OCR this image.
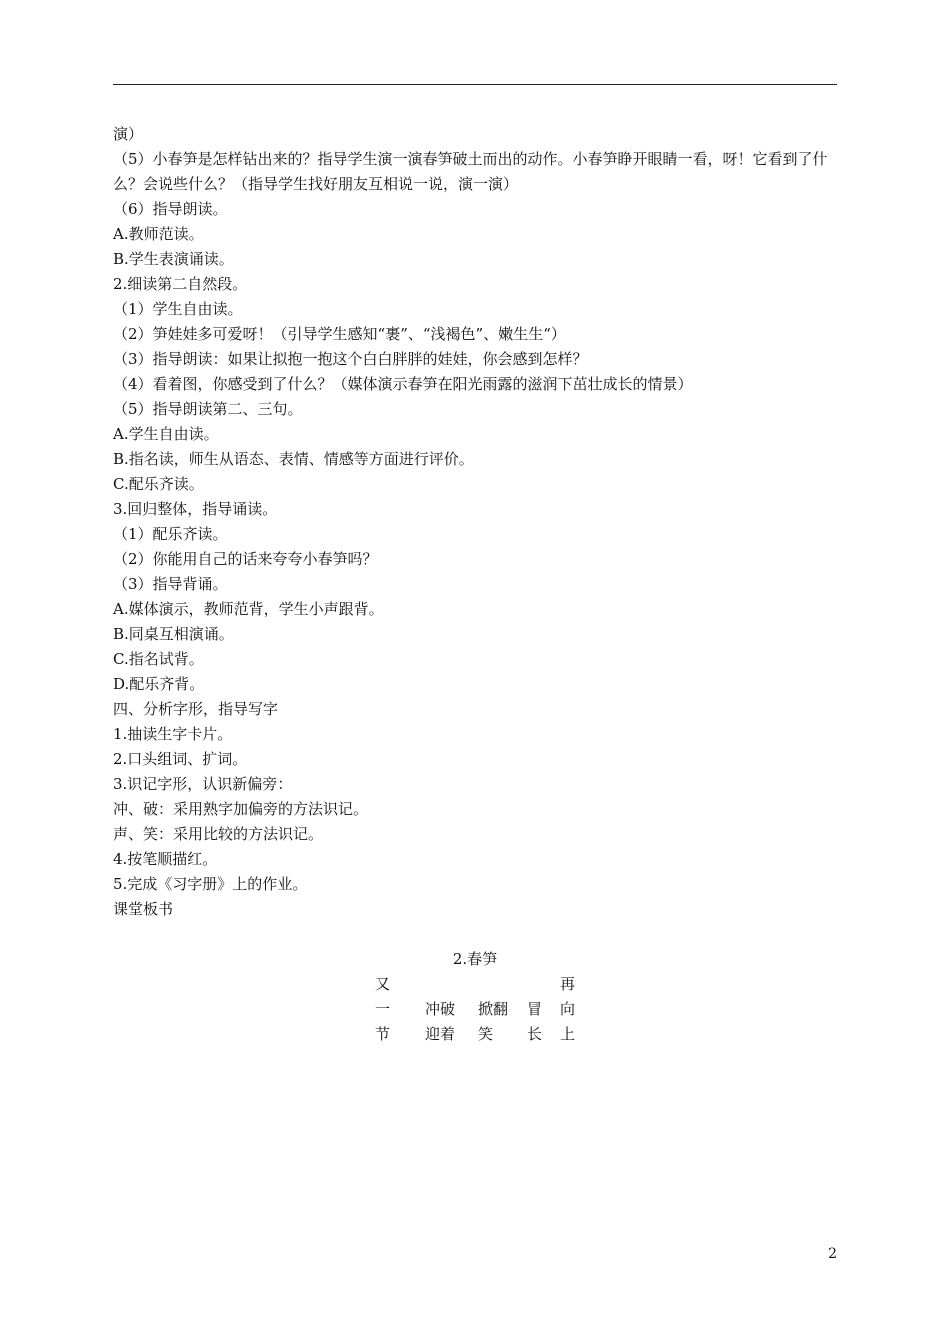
演）
（5）小春笋是怎样钻出来的？指导学生演一演春笋破土而出的动作。小春笋睁开眼睛一看，呀！它看到了什么？会说些什么？（指导学生找好朋友互相说一说，演一演）
（6）指导朗读。
A.教师范读。
B.学生表演诵读。
2.细读第二自然段。
（1）学生自由读。
（2）笋娃娃多可爱呀！（引导学生感知“裹”、“浅褐色”、嫩生生“）
（3）指导朗读：如果让拟抱一抱这个白白胖胖的娃娃，你会感到怎样？
（4）看着图，你感受到了什么？（媒体演示春笋在阳光雨露的滋润下茁壮成长的情景）
（5）指导朗读第二、三句。
A.学生自由读。
B.指名读，师生从语态、表情、情感等方面进行评价。
C.配乐齐读。
3.回归整体，指导诵读。
（1）配乐齐读。
（2）你能用自己的话来夸夸小春笋吗？
（3）指导背诵。
A.媒体演示，教师范背，学生小声跟背。
B.同桌互相演诵。
C.指名试背。
D.配乐齐背。
四、分析字形，指导写字
1.抽读生字卡片。
2.口头组词、扩词。
3.识记字形，认识新偏旁：
冲、破：采用熟字加偏旁的方法识记。
声、笑：采用比较的方法识记。
4.按笔顺描红。
5.完成《习字册》上的作业。
课堂板书
2.春笋
又
一
节
冲破
迎着
掀翻
笑
冒
长
再
向
上
2
